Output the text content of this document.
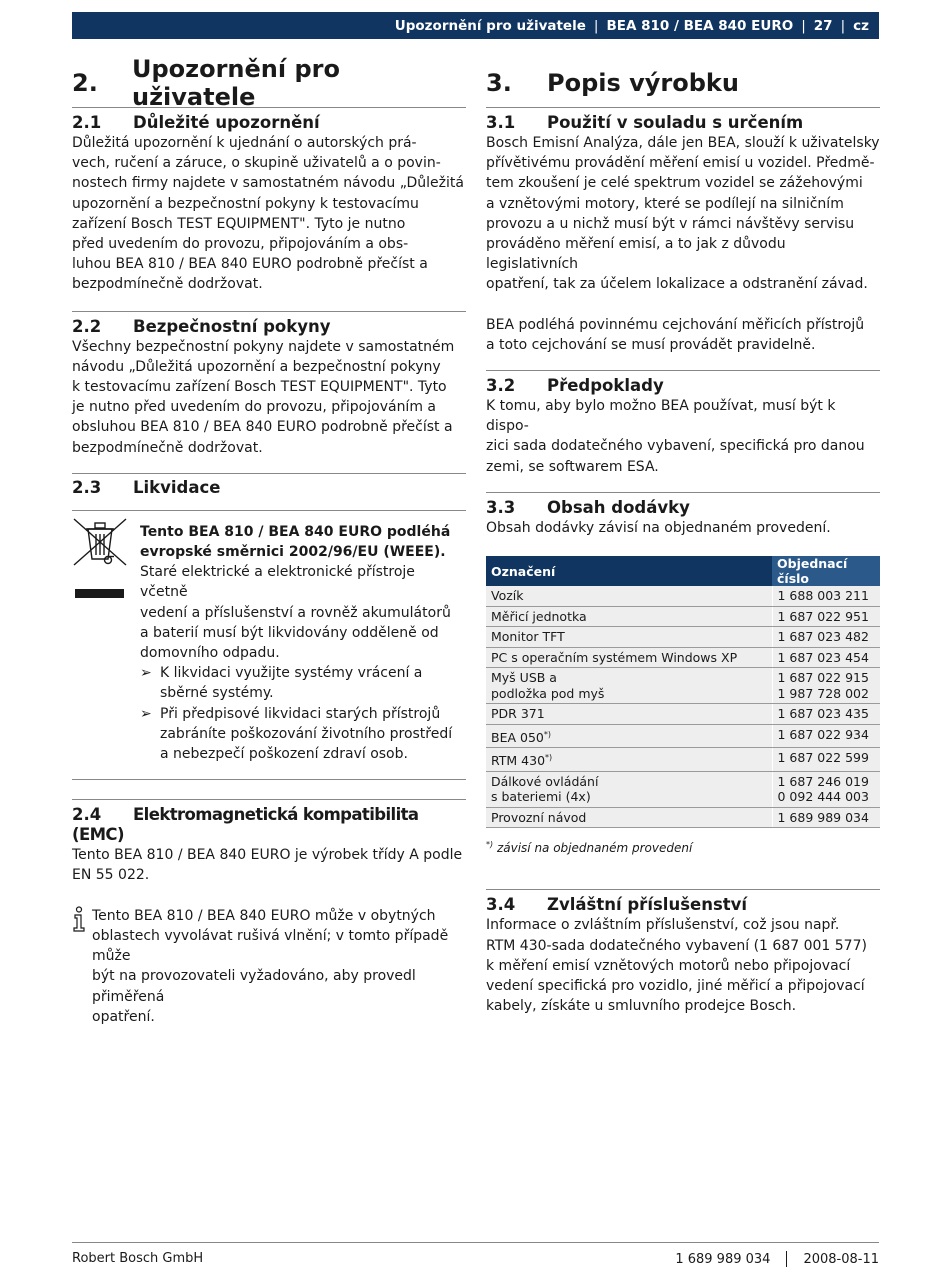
Upozornění pro uživatele | BEA 810 / BEA 840 EURO | 27 | cz
2.	Upozornění pro uživatele
2.1 Důležité upozornění

Důležitá upozornění k ujednání o autorských prá-
vech, ručení a záruce, o skupině uživatelů a o povin-
nostech firmy najdete v samostatném návodu „Důležitá
upozornění a bezpečnostní pokyny k testovacímu
zařízení Bosch TEST EQUIPMENT". Tyto je nutno
před uvedením do provozu, připojováním a obs-
luhou BEA 810 / BEA 840 EURO podrobně přečíst a
bezpodmínečně dodržovat.

2.2 Bezpečnostní pokyny

Všechny bezpečnostní pokyny najdete v samostatném
návodu „Důležitá upozornění a bezpečnostní pokyny
k testovacímu zařízení Bosch TEST EQUIPMENT". Tyto
je nutno před uvedením do provozu, připojováním a
obsluhou BEA 810 / BEA 840 EURO podrobně přečíst a
bezpodmínečně dodržovat.

2.3 Likvidace

Tento BEA 810 / BEA 840 EURO podléhá
evropské směrnici 2002/96/EU (WEEE).

Staré elektrické a elektronické přístroje včetně
vedení a příslušenství a rovněž akumulátorů
a baterií musí být likvidovány odděleně od
domovního odpadu.

➢ K likvidaci využijte systémy vrácení a
sběrné systémy.
➢ Při předpisové likvidaci starých přístrojů
zabráníte poškozování životního prostředí
a nebezpečí poškození zdraví osob.
2.4 Elektromagnetická kompatibilita (EMC)

Tento BEA 810 / BEA 840 EURO je výrobek třídy A podle
EN 55 022.

Tento BEA 810 / BEA 840 EURO může v obytných
oblastech vyvolávat rušivá vlnění; v tomto případě může
být na provozovateli vyžadováno, aby provedl přiměřená
opatření.

3.	Popis výrobku
3.1 Použití v souladu s určením

Bosch Emisní Analýza, dále jen BEA, slouží k uživatelsky
přívětivému provádění měření emisí u vozidel. Předmě-
tem zkoušení je celé spektrum vozidel se zážehovými
a vznětovými motory, které se podílejí na silničním
provozu a u nichž musí být v rámci návštěvy servisu
prováděno měření emisí, a to jak z důvodu legislativních
opatření, tak za účelem lokalizace a odstranění závad.

BEA podléhá povinnému cejchování měřicích přístrojů
a toto cejchování se musí provádět pravidelně.

3.2 Předpoklady

K tomu, aby bylo možno BEA používat, musí být k dispo-
zici sada dodatečného vybavení, specifická pro danou
zemi, se softwarem ESA.

3.3 Obsah dodávky

Obsah dodávky závisí na objednaném provedení.

Označení	Objednací číslo
Vozík	1 688 003 211
Měřicí jednotka	1 687 022 951
Monitor TFT	1 687 023 482
PC s operačním systémem Windows XP	1 687 023 454
Myš USB a
podložka pod myš	1 687 022 915
1 987 728 002
PDR 371	1 687 023 435
BEA 050*)	1 687 022 934
RTM 430*)	1 687 022 599
Dálkové ovládání
s bateriemi (4x)	1 687 246 019
0 092 444 003
Provozní návod	1 689 989 034
*) závisí na objednaném provedení
3.4 Zvláštní příslušenství

Informace o zvláštním příslušenství, což jsou např.
RTM 430-sada dodatečného vybavení (1 687 001 577)
k měření emisí vznětových motorů nebo připojovací
vedení specifická pro vozidlo, jiné měřicí a připojovací
kabely, získáte u smluvního prodejce Bosch.

Robert Bosch GmbH	1 689 989 034	2008-08-11
